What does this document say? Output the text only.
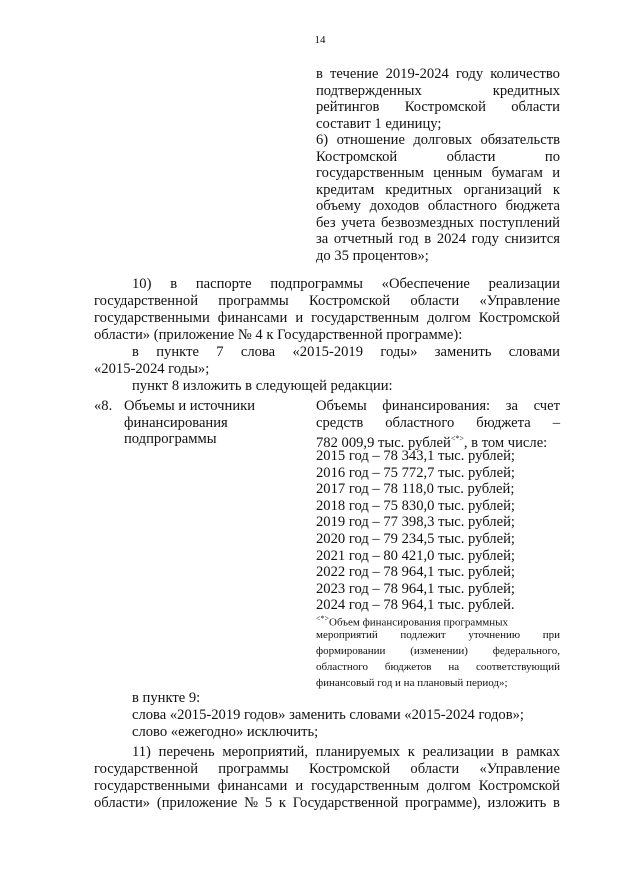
14
в течение 2019-2024 году количество
подтвержденных	кредитных
рейтингов Костромской области
составит 1 единицу;
6) отношение долговых обязательств
Костромской	области	по
государственным ценным бумагам и
кредитам кредитных организаций к
объему доходов областного бюджета
без учета безвозмездных поступлений
за отчетный год в 2024 году снизится
до 35 процентов»;
10) в паспорте подпрограммы «Обеспечение реализации
государственной программы Костромской области «Управление
государственными финансами и государственным долгом Костромской
области» (приложение № 4 к Государственной программе):
в пункте 7 слова «2015-2019 годы» заменить словами
«2015-2024 годы»;
пункт 8 изложить в следующей редакции:
«8. Объемы и источники
финансирования
подпрограммы
Объемы финансирования: за счет
средств областного бюджета –
782 009,9 тыс. рублей<*>, в том числе:
2015 год – 78 343,1 тыс. рублей;
2016 год – 75 772,7 тыс. рублей;
2017 год – 78 118,0 тыс. рублей;
2018 год – 75 830,0 тыс. рублей;
2019 год – 77 398,3 тыс. рублей;
2020 год – 79 234,5 тыс. рублей;
2021 год – 80 421,0 тыс. рублей;
2022 год – 78 964,1 тыс. рублей;
2023 год – 78 964,1 тыс. рублей;
2024 год – 78 964,1 тыс. рублей.
<*>Объем финансирования программных
мероприятий подлежит уточнению при
формировании (изменении) федерального,
областного бюджетов на соответствующий
финансовый год и на плановый период»;
в пункте 9:
слова «2015-2019 годов» заменить словами «2015-2024 годов»;
слово «ежегодно» исключить;
11) перечень мероприятий, планируемых к реализации в рамках
государственной программы Костромской области «Управление
государственными финансами и государственным долгом Костромской
области» (приложение № 5 к Государственной программе), изложить в
